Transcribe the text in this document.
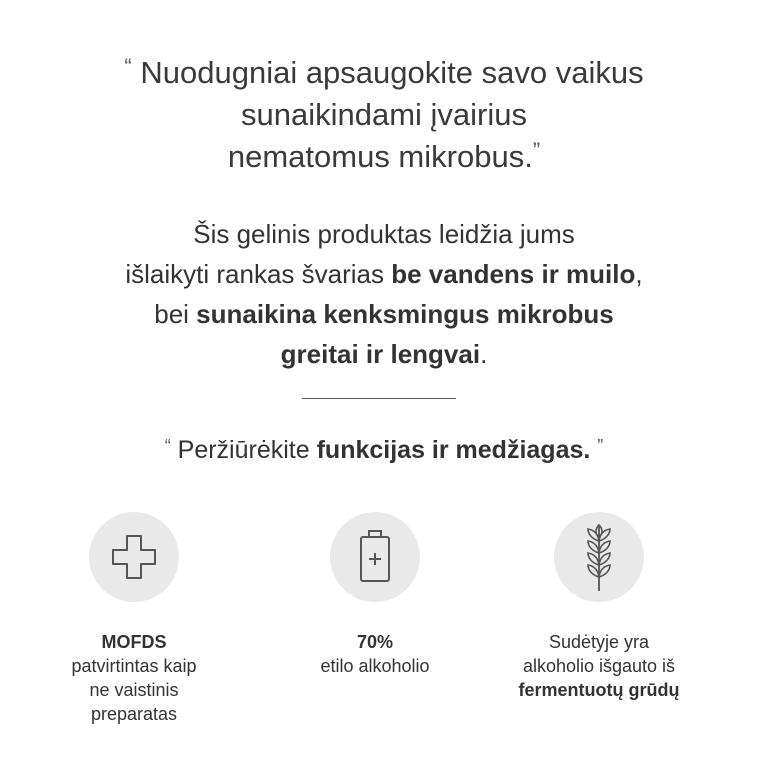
“ Nuodugniai apsaugokite savo vaikus
sunaikindami įvairius
nematomus mikrobus.”
Šis gelinis produktas leidžia jums
išlaikyti rankas švarias be vandens ir muilo,
bei sunaikina kenksmingus mikrobus
greitai ir lengvai.
“ Peržiūrėkite funkcijas ir medžiagas. ”
MOFDS
patvirtintas kaip
ne vaistinis
preparatas
70%
etilo alkoholio
Sudėtyje yra
alkoholio išgauto iš
fermentuotų grūdų
